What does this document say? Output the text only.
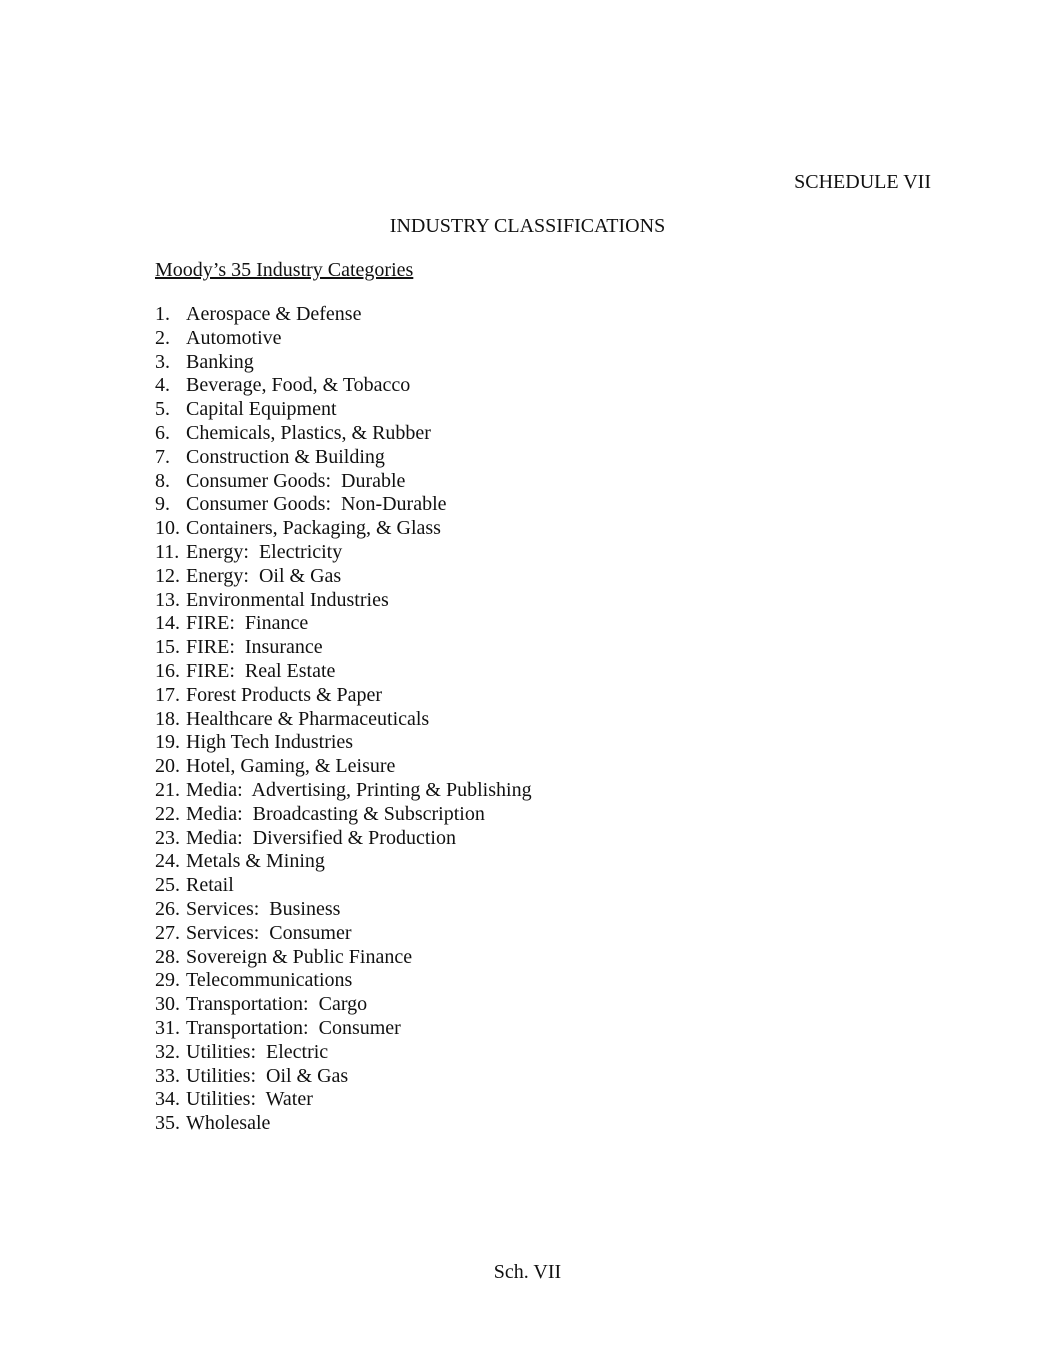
SCHEDULE VII

INDUSTRY CLASSIFICATIONS

Moody’s 35 Industry Categories

1. Aerospace & Defense
2. Automotive
3. Banking
4. Beverage, Food, & Tobacco
5. Capital Equipment
6. Chemicals, Plastics, & Rubber
7. Construction & Building
8. Consumer Goods:  Durable
9. Consumer Goods:  Non-Durable
10. Containers, Packaging, & Glass
11. Energy:  Electricity
12. Energy:  Oil & Gas
13. Environmental Industries
14. FIRE:  Finance
15. FIRE:  Insurance
16. FIRE:  Real Estate
17. Forest Products & Paper
18. Healthcare & Pharmaceuticals
19. High Tech Industries
20. Hotel, Gaming, & Leisure
21. Media:  Advertising, Printing & Publishing
22. Media:  Broadcasting & Subscription
23. Media:  Diversified & Production
24. Metals & Mining
25. Retail
26. Services:  Business
27. Services:  Consumer
28. Sovereign & Public Finance
29. Telecommunications
30. Transportation:  Cargo
31. Transportation:  Consumer
32. Utilities:  Electric
33. Utilities:  Oil & Gas
34. Utilities:  Water
35. Wholesale

Sch. VII
